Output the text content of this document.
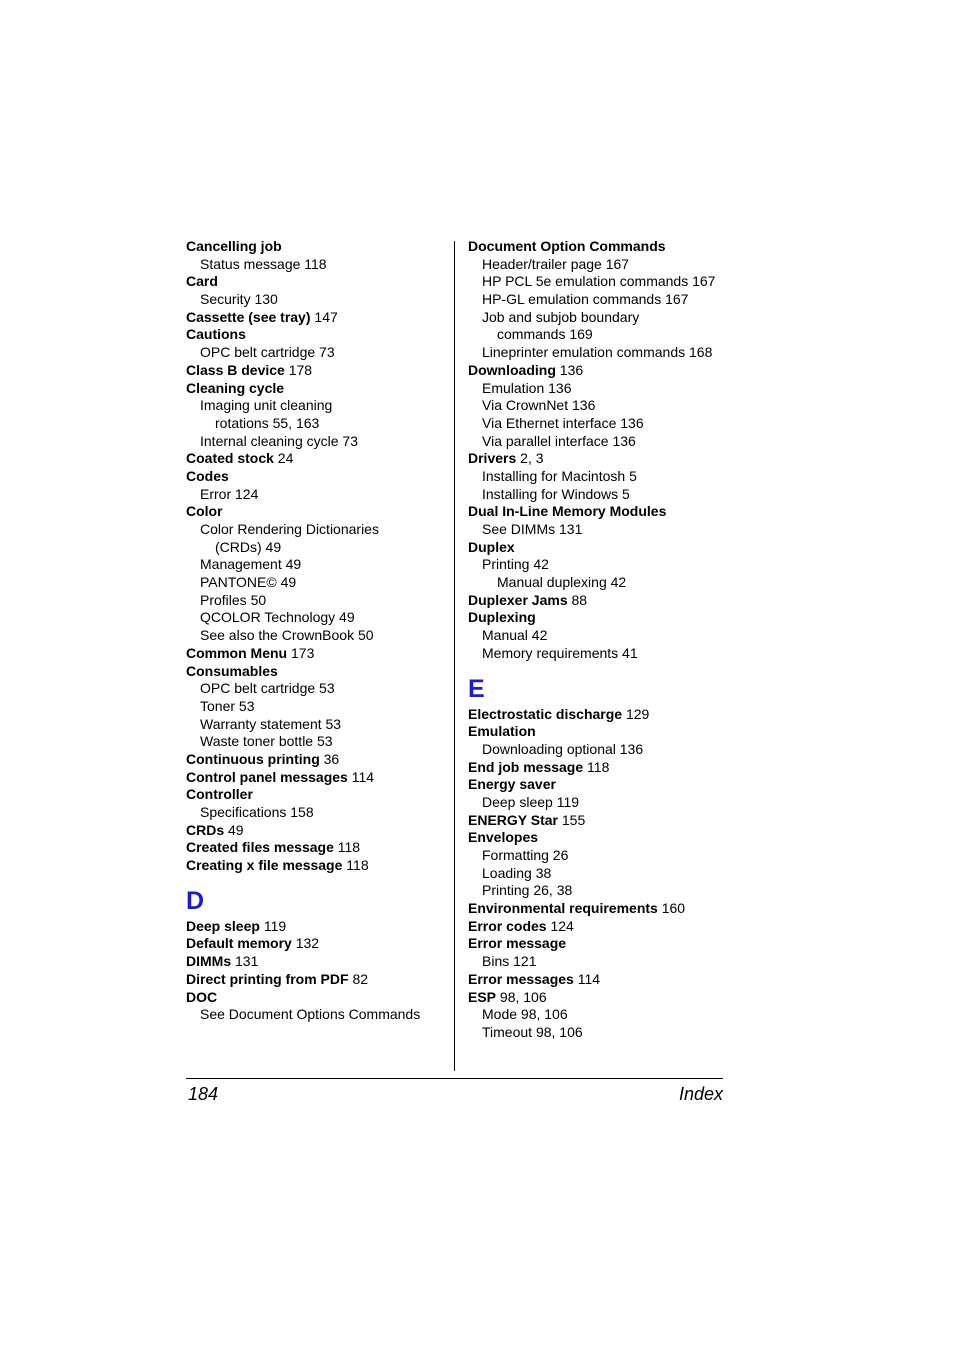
Cancelling job
Status message 118
Card
Security 130
Cassette (see tray) 147
Cautions
OPC belt cartridge 73
Class B device 178
Cleaning cycle
Imaging unit cleaning
rotations 55, 163
Internal cleaning cycle 73
Coated stock 24
Codes
Error 124
Color
Color Rendering Dictionaries
(CRDs) 49
Management 49
PANTONE© 49
Profiles 50
QCOLOR Technology 49
See also the CrownBook 50
Common Menu 173
Consumables
OPC belt cartridge 53
Toner 53
Warranty statement 53
Waste toner bottle 53
Continuous printing 36
Control panel messages 114
Controller
Specifications 158
CRDs 49
Created files message 118
Creating x file message 118
D
Deep sleep 119
Default memory 132
DIMMs 131
Direct printing from PDF 82
DOC
See Document Options Commands
Document Option Commands
Header/trailer page 167
HP PCL 5e emulation commands 167
HP-GL emulation commands 167
Job and subjob boundary
commands 169
Lineprinter emulation commands 168
Downloading 136
Emulation 136
Via CrownNet 136
Via Ethernet interface 136
Via parallel interface 136
Drivers 2, 3
Installing for Macintosh 5
Installing for Windows 5
Dual In-Line Memory Modules
See DIMMs 131
Duplex
Printing 42
Manual duplexing 42
Duplexer Jams 88
Duplexing
Manual 42
Memory requirements 41
E
Electrostatic discharge 129
Emulation
Downloading optional 136
End job message 118
Energy saver
Deep sleep 119
ENERGY Star 155
Envelopes
Formatting 26
Loading 38
Printing 26, 38
Environmental requirements 160
Error codes 124
Error message
Bins 121
Error messages 114
ESP 98, 106
Mode 98, 106
Timeout 98, 106
184	Index
